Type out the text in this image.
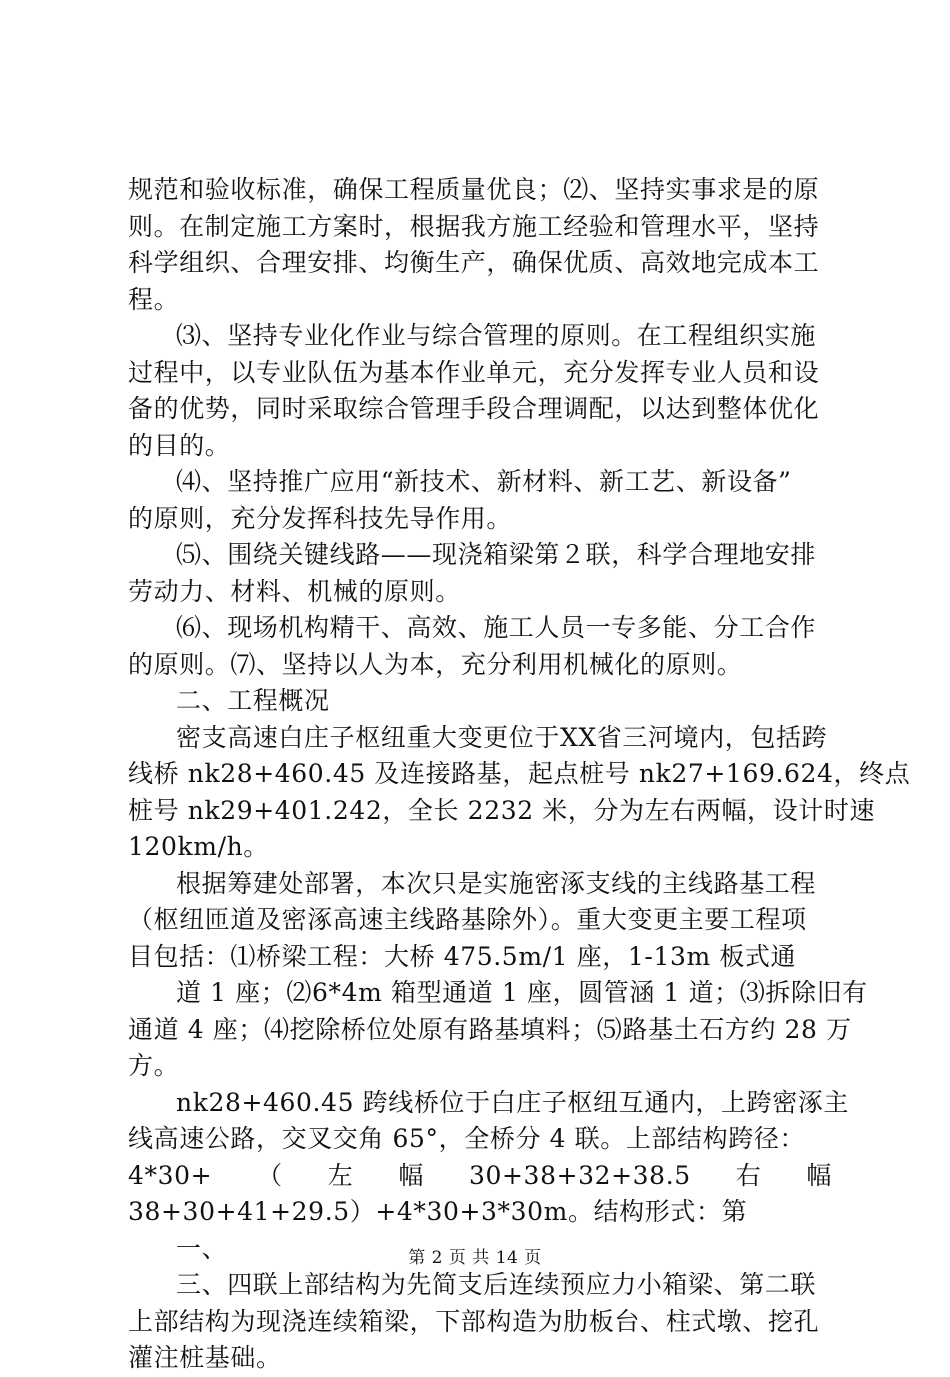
规范和验收标准，确保工程质量优良；⑵、坚持实事求是的原
则。在制定施工方案时，根据我方施工经验和管理水平，坚持
科学组织、合理安排、均衡生产，确保优质、高效地完成本工
程。
⑶、坚持专业化作业与综合管理的原则。在工程组织实施
过程中，以专业队伍为基本作业单元，充分发挥专业人员和设
备的优势，同时采取综合管理手段合理调配，以达到整体优化
的目的。
⑷、坚持推广应用“新技术、新材料、新工艺、新设备”
的原则，充分发挥科技先导作用。
⑸、围绕关键线路——现浇箱梁第２联，科学合理地安排
劳动力、材料、机械的原则。
⑹、现场机构精干、高效、施工人员一专多能、分工合作
的原则。⑺、坚持以人为本，充分利用机械化的原则。
二、工程概况
密支高速白庄子枢纽重大变更位于XX省三河境内，包括跨
线桥 nk28+460.45 及连接路基，起点桩号 nk27+169.624，终点
桩号 nk29+401.242，全长 2232 米，分为左右两幅，设计时速
120km/h。
根据筹建处部署，本次只是实施密涿支线的主线路基工程
（枢纽匝道及密涿高速主线路基除外）。重大变更主要工程项
目包括：⑴桥梁工程：大桥 475.5m/1 座，1-13m 板式通
道 1 座；⑵6*4m 箱型通道 1 座，圆管涵 1 道；⑶拆除旧有
通道 4 座；⑷挖除桥位处原有路基填料；⑸路基土石方约 28 万
方。
nk28+460.45 跨线桥位于白庄子枢纽互通内，上跨密涿主
线高速公路，交叉交角 65°，全桥分 4 联。上部结构跨径：
4*30+ （ 左 幅 30+38+32+38.5 右 幅
38+30+41+29.5）+4*30+3*30m。结构形式：第
一、
三、四联上部结构为先简支后连续预应力小箱梁、第二联
上部结构为现浇连续箱梁，下部构造为肋板台、柱式墩、挖孔
灌注桩基础。
第 2 页 共 14 页
